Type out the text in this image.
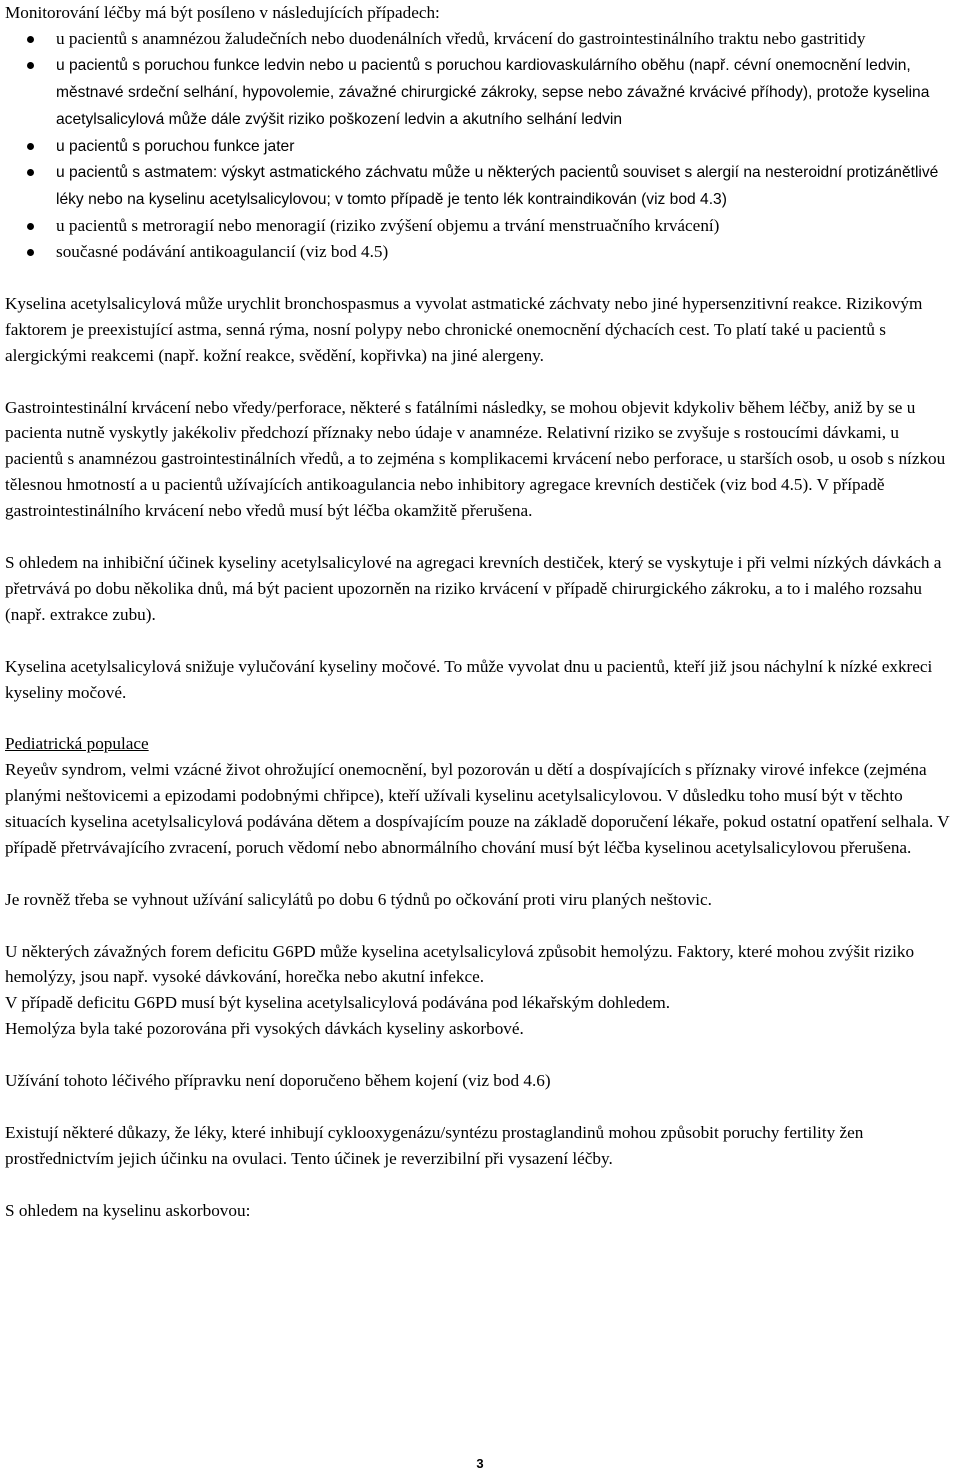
Monitorování léčby má být posíleno v následujících případech:

u pacientů s anamnézou žaludečních nebo duodenálních vředů, krvácení do gastrointestinálního traktu nebo gastritidy
u pacientů s poruchou funkce ledvin nebo u pacientů s poruchou kardiovaskulárního oběhu (např. cévní onemocnění ledvin, městnavé srdeční selhání, hypovolemie, závažné chirurgické zákroky, sepse nebo závažné krvácivé příhody), protože kyselina acetylsalicylová může dále zvýšit riziko poškození ledvin a akutního selhání ledvin
u pacientů s poruchou funkce jater
u pacientů s astmatem: výskyt astmatického záchvatu může u některých pacientů souviset s alergií na nesteroidní protizánětlivé léky nebo na kyselinu acetylsalicylovou; v tomto případě je tento lék kontraindikován (viz bod 4.3)
u pacientů s metroragií nebo menoragií (riziko zvýšení objemu a trvání menstruačního krvácení)
současné podávání antikoagulancií (viz bod 4.5)

Kyselina acetylsalicylová může urychlit bronchospasmus a vyvolat astmatické záchvaty nebo jiné hypersenzitivní reakce. Rizikovým faktorem je preexistující astma, senná rýma, nosní polypy nebo chronické onemocnění dýchacích cest. To platí také u pacientů s alergickými reakcemi (např. kožní reakce, svědění, kopřivka) na jiné alergeny.

Gastrointestinální krvácení nebo vředy/perforace, některé s fatálními následky, se mohou objevit kdykoliv během léčby, aniž by se u pacienta nutně vyskytly jakékoliv předchozí příznaky nebo údaje v anamnéze. Relativní riziko se zvyšuje s rostoucími dávkami, u pacientů s anamnézou gastrointestinálních vředů, a to zejména s komplikacemi krvácení nebo perforace, u starších osob, u osob s nízkou tělesnou hmotností a u pacientů užívajících antikoagulancia nebo inhibitory agregace krevních destiček (viz bod 4.5). V případě gastrointestinálního krvácení nebo vředů musí být léčba okamžitě přerušena.

S ohledem na inhibiční účinek kyseliny acetylsalicylové na agregaci krevních destiček, který se vyskytuje i při velmi nízkých dávkách a přetrvává po dobu několika dnů, má být pacient upozorněn na riziko krvácení v případě chirurgického zákroku, a to i malého rozsahu (např. extrakce zubu).

Kyselina acetylsalicylová snižuje vylučování kyseliny močové. To může vyvolat dnu u pacientů, kteří již jsou náchylní k nízké exkreci kyseliny močové.

Pediatrická populace

Reyeův syndrom, velmi vzácné život ohrožující onemocnění, byl pozorován u dětí a dospívajících s příznaky virové infekce (zejména planými neštovicemi a epizodami podobnými chřipce), kteří užívali kyselinu acetylsalicylovou. V důsledku toho musí být v těchto situacích kyselina acetylsalicylová podávána dětem a dospívajícím pouze na základě doporučení lékaře, pokud ostatní opatření selhala. V případě přetrvávajícího zvracení, poruch vědomí nebo abnormálního chování musí být léčba kyselinou acetylsalicylovou přerušena.

Je rovněž třeba se vyhnout užívání salicylátů po dobu 6 týdnů po očkování proti viru planých neštovic.

U některých závažných forem deficitu G6PD může kyselina acetylsalicylová způsobit hemolýzu. Faktory, které mohou zvýšit riziko hemolýzy, jsou např. vysoké dávkování, horečka nebo akutní infekce.

V případě deficitu G6PD musí být kyselina acetylsalicylová podávána pod lékařským dohledem.

Hemolýza byla také pozorována při vysokých dávkách kyseliny askorbové.

Užívání tohoto léčivého přípravku není doporučeno během kojení (viz bod 4.6)

Existují některé důkazy, že léky, které inhibují cyklooxygenázu/syntézu prostaglandinů mohou způsobit poruchy fertility žen prostřednictvím jejich účinku na ovulaci. Tento účinek je reverzibilní při vysazení léčby.

S ohledem na kyselinu askorbovou:

3
